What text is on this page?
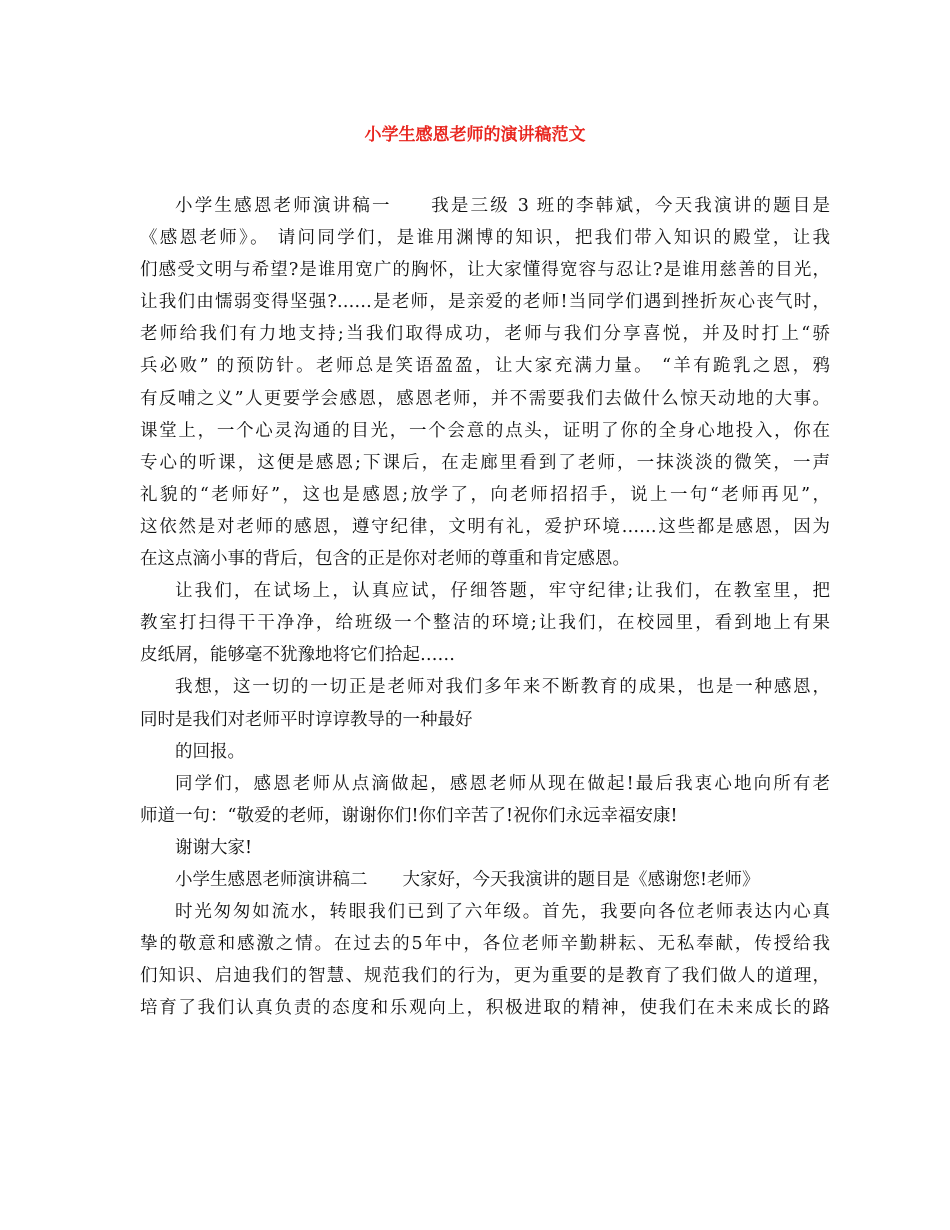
小学生感恩老师的演讲稿范文
小学生感恩老师演讲稿一　　我是三级 3 班的李韩斌，今天我演讲的题目是
《感恩老师》。 请问同学们，是谁用渊博的知识，把我们带入知识的殿堂，让我
们感受文明与希望?是谁用宽广的胸怀，让大家懂得宽容与忍让?是谁用慈善的目光，
让我们由懦弱变得坚强?……是老师，是亲爱的老师!当同学们遇到挫折灰心丧气时，
老师给我们有力地支持;当我们取得成功，老师与我们分享喜悦，并及时打上“骄
兵必败” 的预防针。老师总是笑语盈盈，让大家充满力量。 “羊有跪乳之恩，鸦
有反哺之义”人更要学会感恩，感恩老师，并不需要我们去做什么惊天动地的大事。
课堂上，一个心灵沟通的目光，一个会意的点头，证明了你的全身心地投入，你在
专心的听课，这便是感恩;下课后，在走廊里看到了老师，一抹淡淡的微笑，一声
礼貌的“老师好”，这也是感恩;放学了，向老师招招手，说上一句“老师再见”，
这依然是对老师的感恩，遵守纪律，文明有礼，爱护环境……这些都是感恩，因为
在这点滴小事的背后，包含的正是你对老师的尊重和肯定感恩。
让我们，在试场上，认真应试，仔细答题，牢守纪律;让我们，在教室里，把
教室打扫得干干净净，给班级一个整洁的环境;让我们，在校园里，看到地上有果
皮纸屑，能够毫不犹豫地将它们拾起……
我想，这一切的一切正是老师对我们多年来不断教育的成果，也是一种感恩，
同时是我们对老师平时谆谆教导的一种最好
的回报。
同学们，感恩老师从点滴做起，感恩老师从现在做起!最后我衷心地向所有老
师道一句：“敬爱的老师，谢谢你们!你们辛苦了!祝你们永远幸福安康!
谢谢大家!
小学生感恩老师演讲稿二　　大家好，今天我演讲的题目是《感谢您!老师》
时光匆匆如流水，转眼我们已到了六年级。首先，我要向各位老师表达内心真
挚的敬意和感激之情。在过去的5年中，各位老师辛勤耕耘、无私奉献，传授给我
们知识、启迪我们的智慧、规范我们的行为，更为重要的是教育了我们做人的道理，
培育了我们认真负责的态度和乐观向上，积极进取的精神，使我们在未来成长的路
